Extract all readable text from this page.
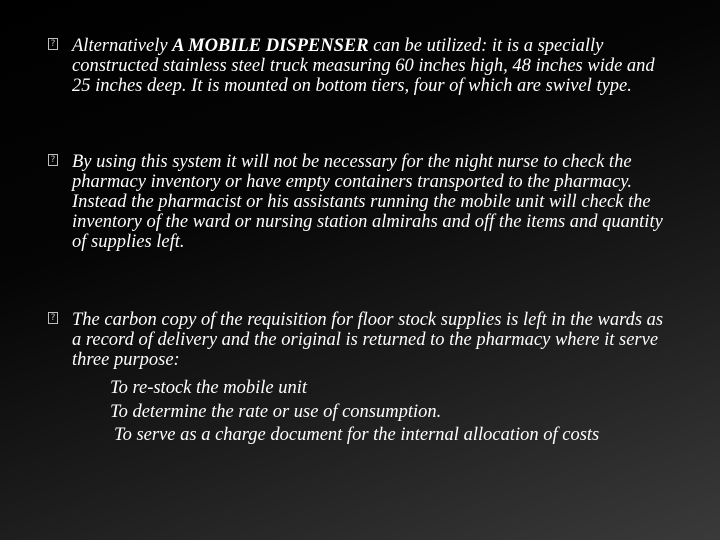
? Alternatively A MOBILE DISPENSER can be utilized: it is a specially constructed stainless steel truck measuring 60 inches high, 48 inches wide and 25 inches deep. It is mounted on bottom tiers, four of which are swivel type.
? By using this system it will not be necessary for the night nurse to check the pharmacy inventory or have empty containers transported to the pharmacy. Instead the pharmacist or his assistants running the mobile unit will check the inventory of the ward or nursing station almirahs and off the items and quantity of supplies left.
? The carbon copy of the requisition for floor stock supplies is left in the wards as a record of delivery and the original is returned to the pharmacy where it serve three purpose:
To re-stock the mobile unit
To determine the rate or use of consumption.
To serve as a charge document for the internal allocation of costs
